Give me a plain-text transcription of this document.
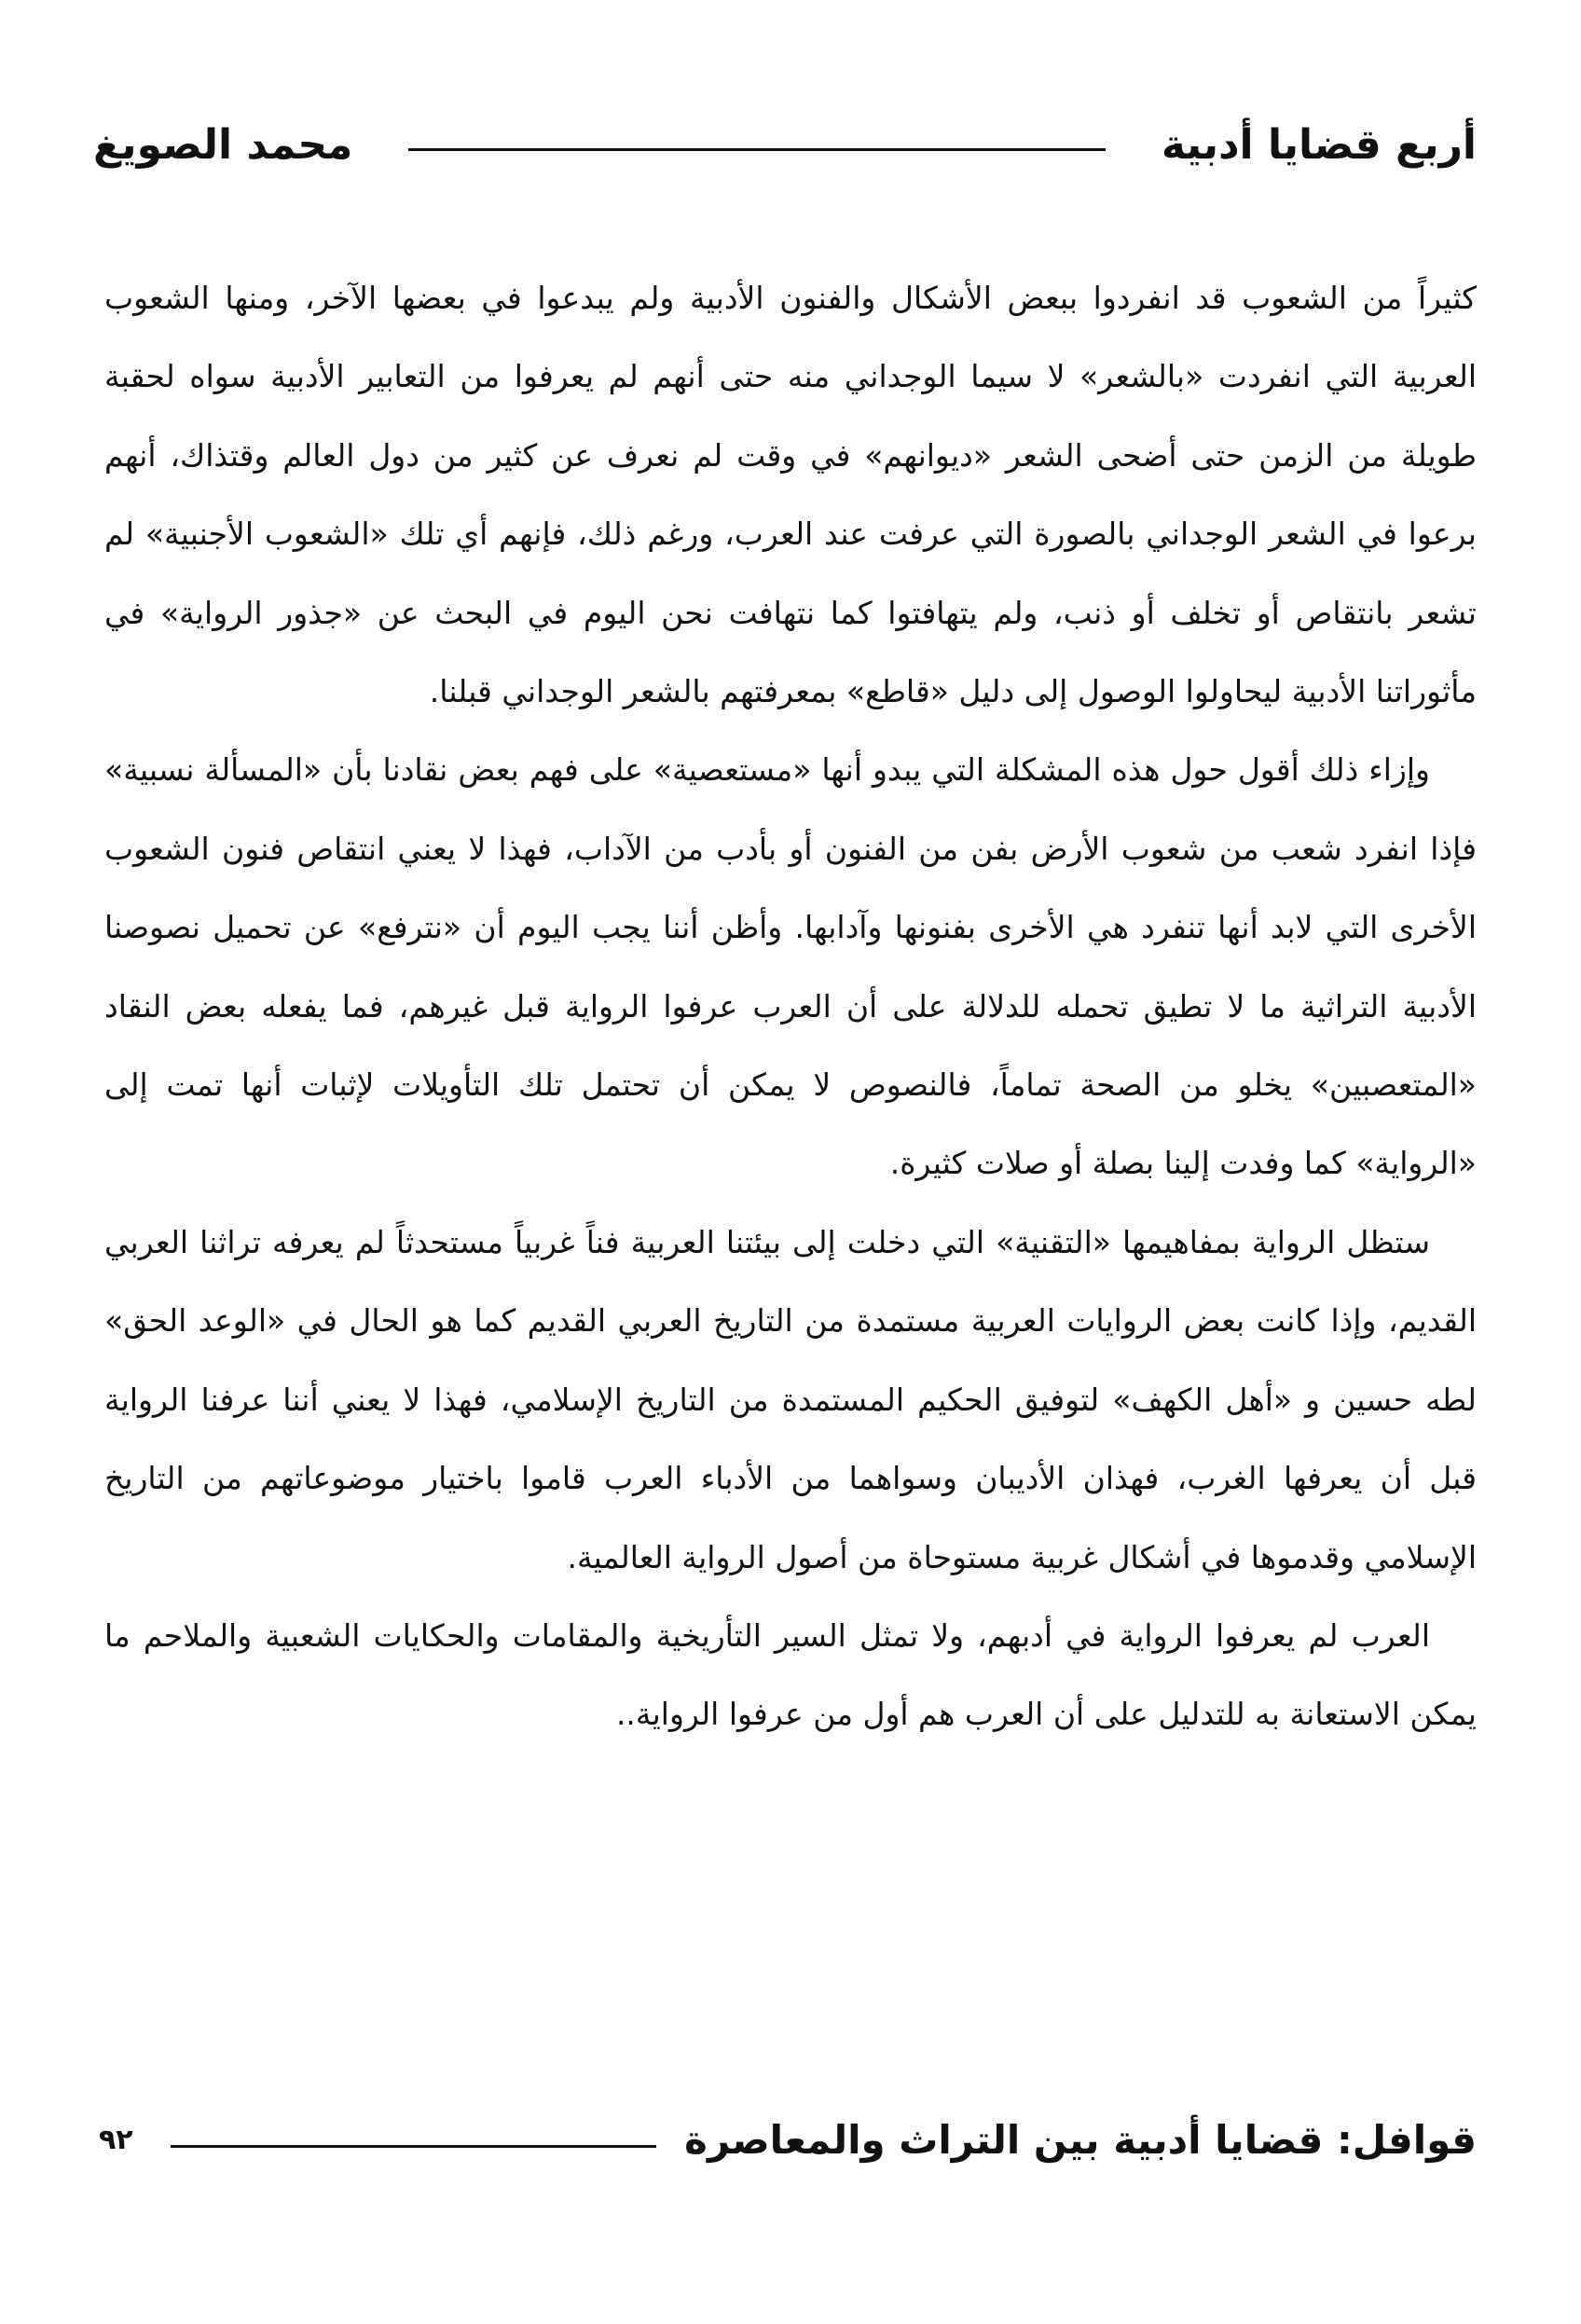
أربع قضايا أدبية
محمد الصويغ

كثيراً من الشعوب قد انفردوا ببعض الأشكال والفنون الأدبية ولم يبدعوا في بعضها الآخر، ومنها الشعوب العربية التي انفردت «بالشعر» لا سيما الوجداني منه حتى أنهم لم يعرفوا من التعابير الأدبية سواه لحقبة طويلة من الزمن حتى أضحى الشعر «ديوانهم» في وقت لم نعرف عن كثير من دول العالم وقتذاك، أنهم برعوا في الشعر الوجداني بالصورة التي عرفت عند العرب، ورغم ذلك، فإنهم أي تلك «الشعوب الأجنبية» لم تشعر بانتقاص أو تخلف أو ذنب، ولم يتهافتوا كما نتهافت نحن اليوم في البحث عن «جذور الرواية» في مأثوراتنا الأدبية ليحاولوا الوصول إلى دليل «قاطع» بمعرفتهم بالشعر الوجداني قبلنا.

وإزاء ذلك أقول حول هذه المشكلة التي يبدو أنها «مستعصية» على فهم بعض نقادنا بأن «المسألة نسبية» فإذا انفرد شعب من شعوب الأرض بفن من الفنون أو بأدب من الآداب، فهذا لا يعني انتقاص فنون الشعوب الأخرى التي لابد أنها تنفرد هي الأخرى بفنونها وآدابها. وأظن أننا يجب اليوم أن «نترفع» عن تحميل نصوصنا الأدبية التراثية ما لا تطيق تحمله للدلالة على أن العرب عرفوا الرواية قبل غيرهم، فما يفعله بعض النقاد «المتعصبين» يخلو من الصحة تماماً، فالنصوص لا يمكن أن تحتمل تلك التأويلات لإثبات أنها تمت إلى «الرواية» كما وفدت إلينا بصلة أو صلات كثيرة.

ستظل الرواية بمفاهيمها «التقنية» التي دخلت إلى بيئتنا العربية فناً غربياً مستحدثاً لم يعرفه تراثنا العربي القديم، وإذا كانت بعض الروايات العربية مستمدة من التاريخ العربي القديم كما هو الحال في «الوعد الحق» لطه حسين و «أهل الكهف» لتوفيق الحكيم المستمدة من التاريخ الإسلامي، فهذا لا يعني أننا عرفنا الرواية قبل أن يعرفها الغرب، فهذان الأديبان وسواهما من الأدباء العرب قاموا باختيار موضوعاتهم من التاريخ الإسلامي وقدموها في أشكال غربية مستوحاة من أصول الرواية العالمية.

العرب لم يعرفوا الرواية في أدبهم، ولا تمثل السير التأريخية والمقامات والحكايات الشعبية والملاحم ما يمكن الاستعانة به للتدليل على أن العرب هم أول من عرفوا الرواية..

قوافل: قضايا أدبية بين التراث والمعاصرة
٩٢
